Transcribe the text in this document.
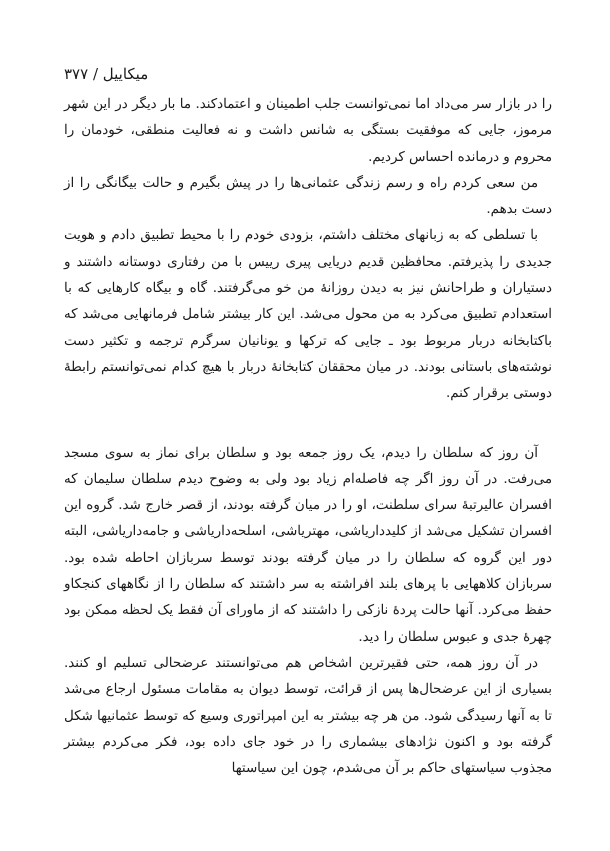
میکاییل / ۳۷۷

را در بازار سر می‌داد اما نمی‌توانست جلب اطمینان و اعتمادکند. ما بار دیگر در این شهر مرموز، جایی که موفقیت بستگی به شانس داشت و نه فعالیت منطقی، خودمان را محروم و درمانده احساس کردیم.

من سعی کردم راه و رسم زندگی عثمانی‌ها را در پیش بگیرم و حالت بیگانگی را از دست بدهم.

با تسلطی که به زبانهای مختلف داشتم، بزودی خودم را با محیط تطبیق دادم و هویت جدیدی را پذیرفتم. محافظین قدیم دریایی پیری رییس با من رفتاری دوستانه داشتند و دستیاران و طراحانش نیز به دیدن روزانهٔ من خو می‌گرفتند. گاه و بیگاه کارهایی که با استعدادم تطبیق می‌کرد به من محول می‌شد. این کار بیشتر شامل فرمانهایی می‌شد که باکتابخانه دربار مربوط بود ـ جایی که ترکها و یونانیان سرگرم ترجمه و تکثیر دست نوشته‌های باستانی بودند. در میان محققان کتابخانهٔ دربار با هیچ کدام نمی‌توانستم رابطهٔ دوستی برقرار کنم.

آن روز که سلطان را دیدم، یک روز جمعه بود و سلطان برای نماز به سوی مسجد می‌رفت. در آن روز اگر چه فاصله‌ام زیاد بود ولی به وضوح دیدم سلطان سلیمان که افسران عالیرتبهٔ سرای سلطنت، او را در میان گرفته بودند، از قصر خارج شد. گروه این افسران تشکیل می‌شد از کلیدداریاشی، مهتریاشی، اسلحه‌داریاشی و جامه‌داریاشی، البته دور این گروه که سلطان را در میان گرفته بودند توسط سربازان احاطه شده بود. سربازان کلاههایی با پرهای بلند افراشته به سر داشتند که سلطان را از نگاههای کنجکاو حفظ می‌کرد. آنها حالت پردهٔ نازکی را داشتند که از ماورای آن فقط یک لحظه ممکن بود چهرهٔ جدی و عبوس سلطان را دید.

در آن روز همه، حتی فقیرترین اشخاص هم می‌توانستند عرضحالی تسلیم او کنند. بسیاری از این عرضحال‌ها پس از قرائت، توسط دیوان به مقامات مسئول ارجاع می‌شد تا به آنها رسیدگی شود. من هر چه بیشتر به این امپراتوری وسیع که توسط عثمانیها شکل گرفته بود و اکنون نژادهای بیشماری را در خود جای داده بود، فکر می‌کردم بیشتر مجذوب سیاستهای حاکم بر آن می‌شدم، چون این سیاستها
